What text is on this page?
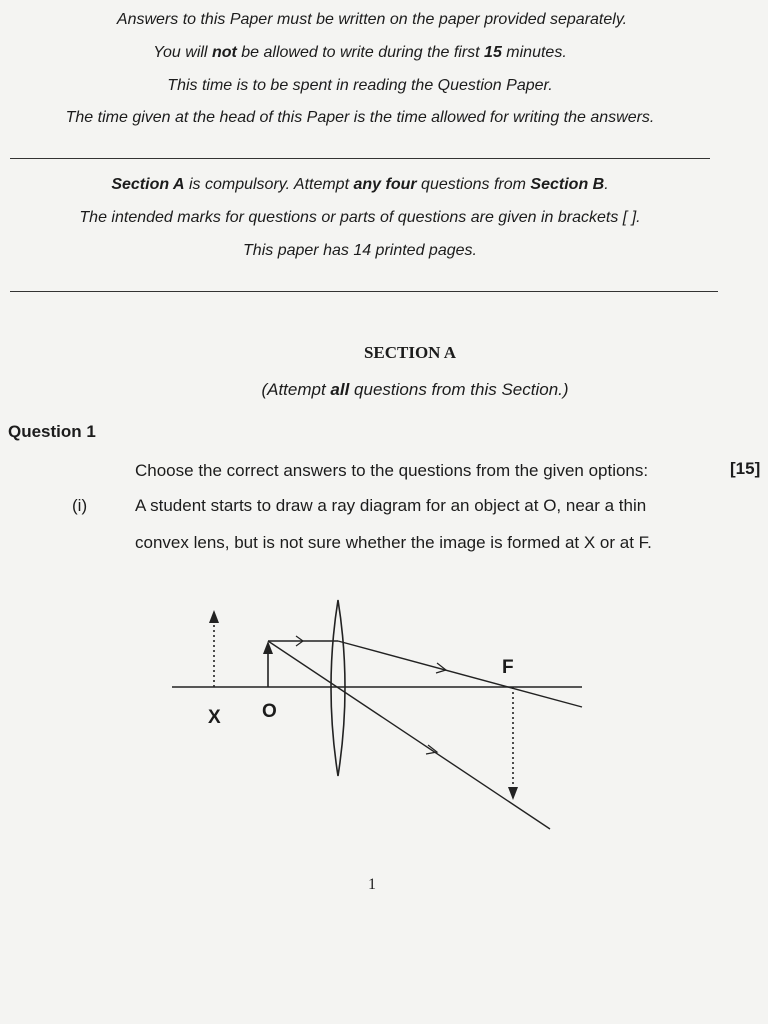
Answers to this Paper must be written on the paper provided separately.
You will not be allowed to write during the first 15 minutes.
This time is to be spent in reading the Question Paper.
The time given at the head of this Paper is the time allowed for writing the answers.
Section A is compulsory. Attempt any four questions from Section B.
The intended marks for questions or parts of questions are given in brackets [ ].
This paper has 14 printed pages.
SECTION A
(Attempt all questions from this Section.)
Question 1
Choose the correct answers to the questions from the given options:	[15]
(i)	A student starts to draw a ray diagram for an object at O, near a thin
convex lens, but is not sure whether the image is formed at X or at F.
X O
F
1
